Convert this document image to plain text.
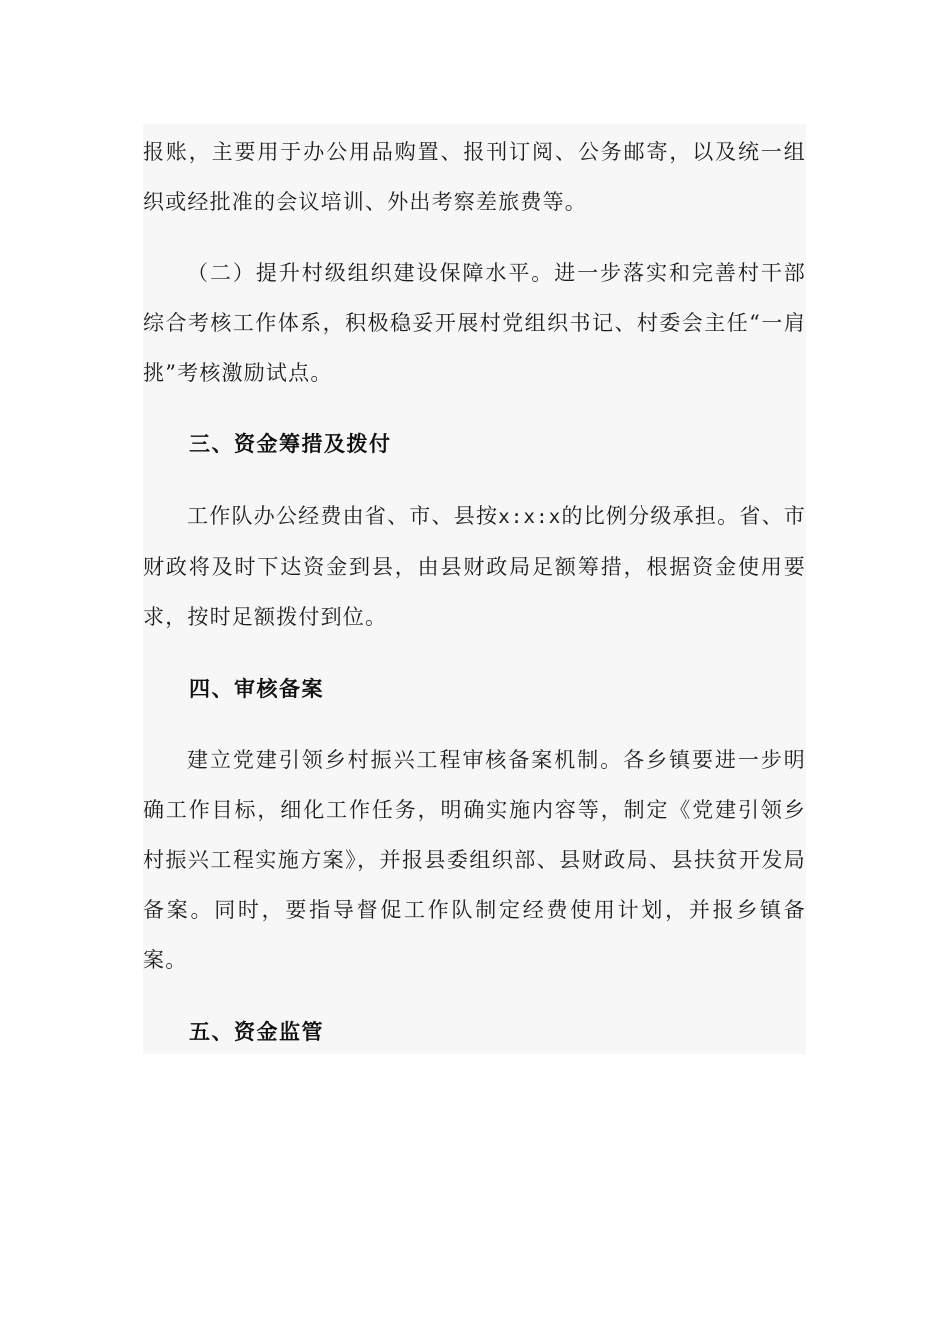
报账，主要用于办公用品购置、报刊订阅、公务邮寄，以及统一组织或经批准的会议培训、外出考察差旅费等。

（二）提升村级组织建设保障水平。进一步落实和完善村干部综合考核工作体系，积极稳妥开展村党组织书记、村委会主任“一肩挑”考核激励试点。

三、资金筹措及拨付

工作队办公经费由省、市、县按x:x:x的比例分级承担。省、市财政将及时下达资金到县，由县财政局足额筹措，根据资金使用要求，按时足额拨付到位。

四、审核备案

建立党建引领乡村振兴工程审核备案机制。各乡镇要进一步明确工作目标，细化工作任务，明确实施内容等，制定《党建引领乡村振兴工程实施方案》，并报县委组织部、县财政局、县扶贫开发局备案。同时，要指导督促工作队制定经费使用计划，并报乡镇备案。

五、资金监管
